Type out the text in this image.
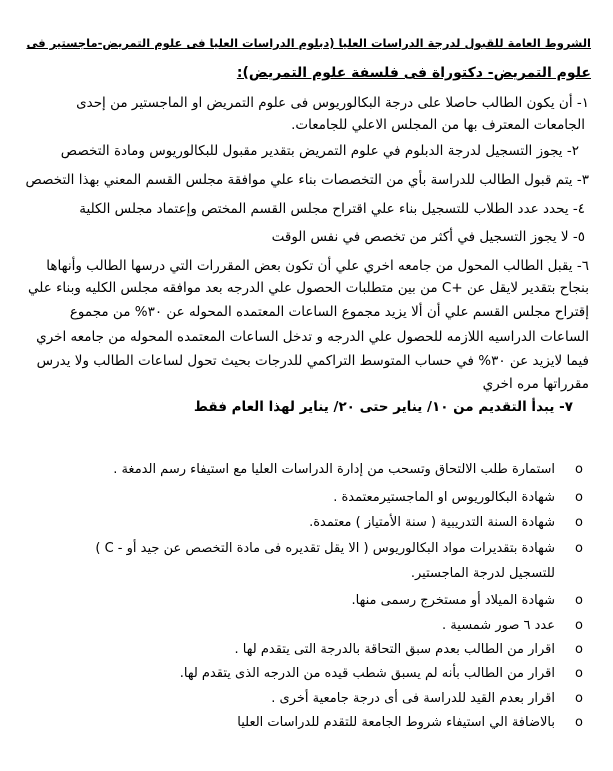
الشروط العامة للقبول لدرجة الدراسات العليا (دبلوم الدراسات العليا فى علوم التمريض-ماجستير فى
علوم التمريض- دكتوراة فى فلسفة علوم التمريض):
١- أن يكون الطالب حاصلا على درجة البكالوريوس فى علوم التمريض او الماجستير من إحدى
الجامعات المعترف بها من المجلس الاعلي للجامعات.
٢- يجوز التسجيل لدرجة الدبلوم في علوم التمريض بتقدير مقبول للبكالوريوس ومادة التخصص
٣- يتم قبول الطالب للدراسة بأي من التخصصات بناء علي موافقة مجلس القسم المعني بهذا التخصص
٤- يحدد عدد الطلاب للتسجيل بناء علي اقتراح مجلس القسم المختص وإعتماد مجلس الكلية
٥- لا يجوز التسجيل في أكثر من تخصص في نفس الوقت
٦- يقبل الطالب المحول من جامعه اخري علي أن تكون بعض المقررات التي درسها الطالب وأنهاها
بنجاح بتقدير لايقل عن +C من بين متطلبات الحصول علي الدرجه بعد موافقه مجلس الكليه وبناء علي
إقتراح مجلس القسم علي أن ألا يزيد مجموع الساعات المعتمده المحوله عن ٣٠% من مجموع
الساعات الدراسيه اللازمه للحصول علي الدرجه و تدخل الساعات المعتمده المحوله من جامعه اخري
فيما لايزيد عن ٣٠% في حساب المتوسط التراكمي للدرجات بحيث تحول لساعات الطالب ولا يدرس
مقرراتها مره اخري
٧- يبدأ التقديم من ١٠/ يناير حتى ٢٠/ يناير لهذا العام فقط
o
استمارة طلب الالتحاق وتسحب من إدارة الدراسات العليا مع استيفاء رسم الدمغة .
o
شهادة البكالوريوس او الماجستيرمعتمدة .
o
شهادة السنة التدريبية ( سنة الأمتياز ) معتمدة.
o
شهادة بتقديرات مواد البكالوريوس ( الا يقل تقديره فى مادة التخصص عن جيد أو - C )
للتسجيل لدرجة الماجستير.
o
شهادة الميلاد أو مستخرج رسمى منها.
o
عدد ٦ صور شمسية .
o
اقرار من الطالب بعدم سبق التحاقة بالدرجة التى يتقدم لها .
o
اقرار من الطالب بأنه لم يسبق شطب قيده من الدرجه الذى يتقدم لها.
o
اقرار بعدم القيد للدراسة فى أى درجة جامعية أخرى .
o
بالاضافة الي استيفاء شروط الجامعة للتقدم للدراسات العليا
